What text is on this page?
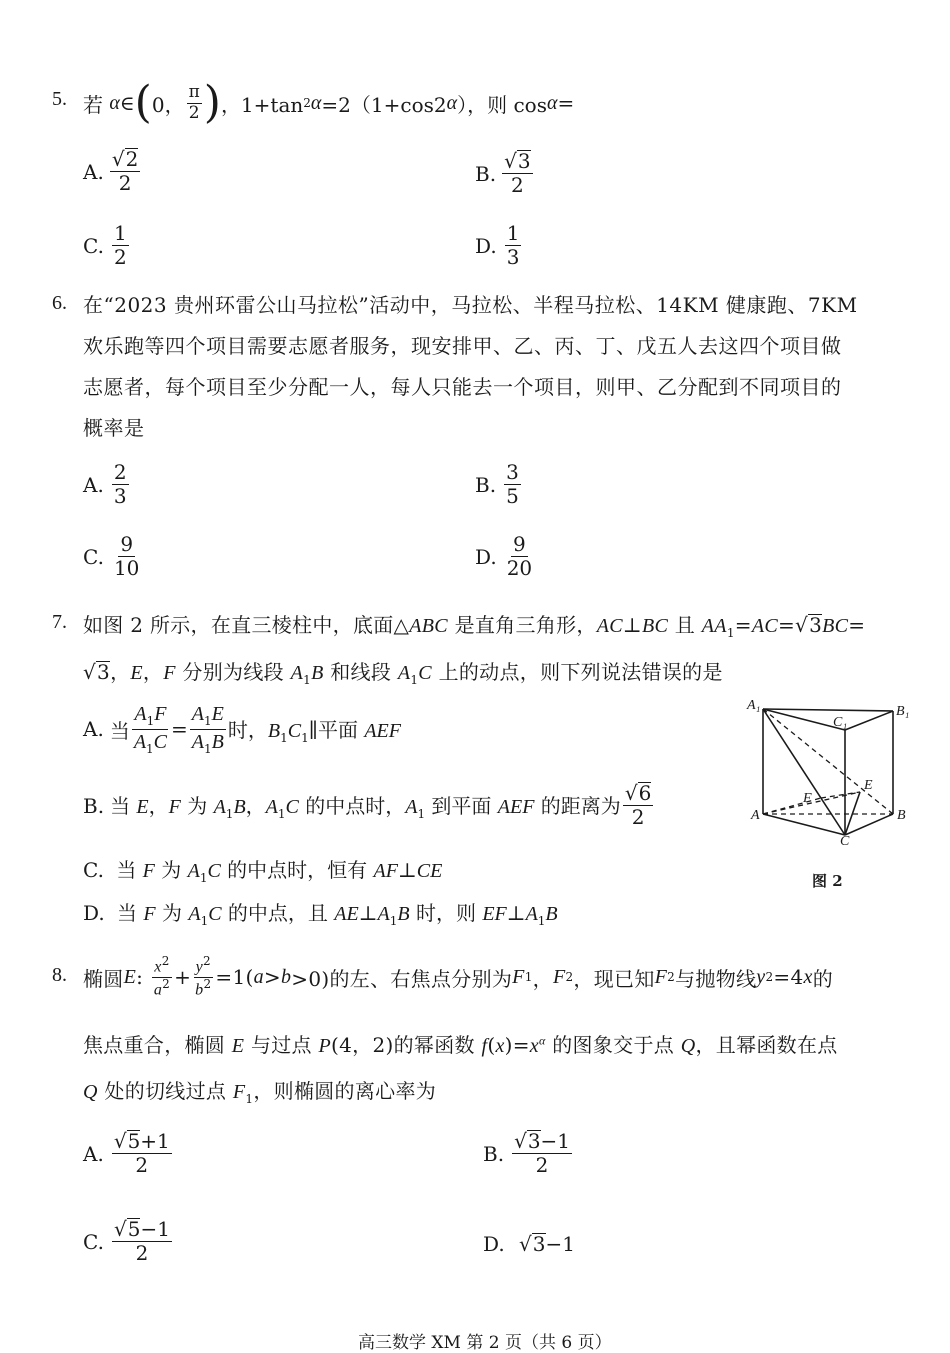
5. 若 α ∈ ( 0， $\frac{\pi}{2}$ ) ，1+tan 2 α =2（1+cos2 α ），则 cos α =
A. $\frac{√2}{2}$	B. $\frac{√3}{2}$
C. $\frac{1}{2}$	D. $\frac{1}{3}$
6. 在“2023 贵州环雷公山马拉松”活动中，马拉松、半程马拉松、14KM 健康跑、7KM
欢乐跑等四个项目需要志愿者服务，现安排甲、乙、丙、丁、戊五人去这四个项目做
志愿者，每个项目至少分配一人，每人只能去一个项目，则甲、乙分配到不同项目的
概率是
A. $\frac{2}{3}$	B. $\frac{3}{5}$
C. $\frac{9}{10}$	D. $\frac{9}{20}$
7. 如图 2 所示，在直三棱柱中，底面△ABC 是直角三角形，AC⊥BC 且 $AA_1=AC=√3BC=$
√3，E，F 分别为线段 $A_1B$ 和线段 $A_1C$ 上的动点，则下列说法错误的是
A. 当 $\frac{A_1F}{A_1C} = \frac{A_1E}{A_1B}$ 时，$B_1C_1\parallel$平面 AEF
B. 当 E，F 为 $A_1B$，$A_1C$ 的中点时，$A_1$ 到平面 AEF 的距离为 $\frac{√6}{2}$
C. 当 F 为 $A_1C$ 的中点时，恒有 AF⊥CE
D. 当 F 为 $A_1C$ 的中点，且 $AE\perp A_1B$ 时，则 $EF\perp A_1B$
A₁
C₁
B₁
E
F
A	B
C
图 2
8. 椭圆 E : $\frac{x^2}{a^2} + \frac{y^2}{b^2} =1$( a > b >0)的左、右焦点分别为 F 1 ， F 2 ，现已知 F 2 与抛物线 y 2 =4 x 的
焦点重合，椭圆 E 与过点 P(4，2)的幂函数 $f(x)=x^\alpha$ 的图象交于点 Q，且幂函数在点
Q 处的切线过点 $F_1$，则椭圆的离心率为
A. $\frac{√5+1}{2}$	B. $\frac{√3-1}{2}$
C. $\frac{√5-1}{2}$	D. √3−1
高三数学 XM 第 2 页（共 6 页）
